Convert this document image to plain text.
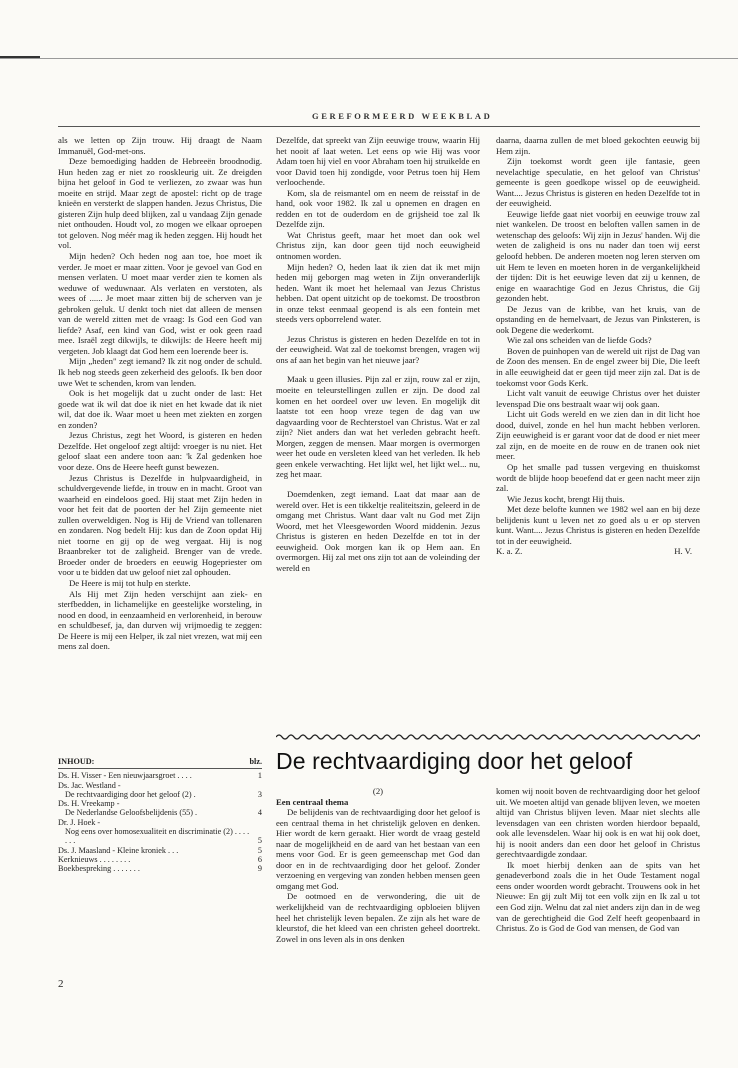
GEREFORMEERD WEEKBLAD

als we letten op Zijn trouw. Hij draagt de Naam Immanuël, God-met-ons.

Deze bemoediging hadden de Hebreeën broodnodig. Hun heden zag er niet zo rooskleurig uit. Ze dreigden bijna het geloof in God te verliezen, zo zwaar was hun moeite en strijd. Maar zegt de apostel: richt op de trage knieën en versterkt de slappen handen. Jezus Christus, Die gisteren Zijn hulp deed blijken, zal u vandaag Zijn genade niet onthouden. Houdt vol, zo mogen we elkaar oproepen tot geloven. Nog méér mag ik heden zeggen. Hij houdt het vol.

Mijn heden? Och heden nog aan toe, hoe moet ik verder. Je moet er maar zitten. Voor je gevoel van God en mensen verlaten. U moet maar verder zien te komen als weduwe of weduwnaar. Als verlaten en verstoten, als wees of ...... Je moet maar zitten bij de scherven van je gebroken geluk. U denkt toch niet dat alleen de mensen van de wereld zitten met de vraag: Is God een God van liefde? Asaf, een kind van God, wist er ook geen raad mee. Israël zegt dikwijls, te dikwijls: de Heere heeft mij vergeten. Job klaagt dat God hem een loerende beer is.

Mijn „heden" zegt iemand? Ik zit nog onder de schuld. Ik heb nog steeds geen zekerheid des geloofs. Ik ben door uwe Wet te schenden, krom van lenden.

Ook is het mogelijk dat u zucht onder de last: Het goede wat ik wil dat doe ik niet en het kwade dat ik niet wil, dat doe ik. Waar moet u heen met ziekten en zorgen en zonden?

Jezus Christus, zegt het Woord, is gisteren en heden Dezelfde. Het ongeloof zegt altijd: vroeger is nu niet. Het geloof slaat een andere toon aan: 'k Zal gedenken hoe voor deze. Ons de Heere heeft gunst bewezen.

Jezus Christus is Dezelfde in hulpvaardigheid, in schuldvergevende liefde, in trouw en in macht. Groot van waarheid en eindeloos goed. Hij staat met Zijn heden in voor het feit dat de poorten der hel Zijn gemeente niet zullen overweldigen. Nog is Hij de Vriend van tollenaren en zondaren. Nog bedelt Hij: kus dan de Zoon opdat Hij niet toorne en gij op de weg vergaat. Hij is nog Braanbreker tot de zaligheid. Brenger van de vrede. Broeder onder de broeders en eeuwig Hogepriester om voor u te bidden dat uw geloof niet zal ophouden.

De Heere is mij tot hulp en sterkte.

Als Hij met Zijn heden verschijnt aan ziek- en sterfbedden, in lichamelijke en geestelijke worsteling, in nood en dood, in eenzaamheid en verlorenheid, in berouw en schuldbesef, ja, dan durven wij vrijmoedig te zeggen: De Heere is mij een Helper, ik zal niet vrezen, wat mij een mens zal doen.

Dezelfde, dat spreekt van Zijn eeuwige trouw, waarin Hij het nooit af laat weten. Let eens op wie Hij was voor Adam toen hij viel en voor Abraham toen hij struikelde en voor David toen hij zondigde, voor Petrus toen hij Hem verloochende.

Kom, sla de reismantel om en neem de reisstaf in de hand, ook voor 1982. Ik zal u opnemen en dragen en redden en tot de ouderdom en de grijsheid toe zal Ik Dezelfde zijn.

Wat Christus geeft, maar het moet dan ook wel Christus zijn, kan door geen tijd noch eeuwigheid ontnomen worden.

Mijn heden? O, heden laat ik zien dat ik met mijn heden mij geborgen mag weten in Zijn onveranderlijk heden. Want ik moet het helemaal van Jezus Christus hebben. Dat opent uitzicht op de toekomst. De troostbron in onze tekst eenmaal geopend is als een fontein met steeds vers opborrelend water.

Jezus Christus is gisteren en heden Dezelfde en tot in der eeuwigheid. Wat zal de toekomst brengen, vragen wij ons af aan het begin van het nieuwe jaar?

Maak u geen illusies. Pijn zal er zijn, rouw zal er zijn, moeite en teleurstellingen zullen er zijn. De dood zal komen en het oordeel over uw leven. En mogelijk dit laatste tot een hoop vreze tegen de dag van uw dagvaarding voor de Rechterstoel van Christus. Wat er zal zijn? Niet anders dan wat het verleden gebracht heeft. Morgen, zeggen de mensen. Maar morgen is overmorgen weer het oude en versleten kleed van het verleden. Ik heb geen enkele verwachting. Het lijkt wel, het lijkt wel... nu, zeg het maar.

Doemdenken, zegt iemand. Laat dat maar aan de wereld over. Het is een tikkeltje realiteitszin, geleerd in de omgang met Christus. Want daar valt nu God met Zijn Woord, met het Vleesgeworden Woord middenin. Jezus Christus is gisteren en heden Dezelfde en tot in der eeuwigheid. Ook morgen kan ik op Hem aan. En overmorgen. Hij zal met ons zijn tot aan de voleinding der wereld en

daarna, daarna zullen de met bloed gekochten eeuwig bij Hem zijn.

Zijn toekomst wordt geen ijle fantasie, geen nevelachtige speculatie, en het geloof van Christus' gemeente is geen goedkope wissel op de eeuwigheid. Want.... Jezus Christus is gisteren en heden Dezelfde tot in der eeuwigheid.

Eeuwige liefde gaat niet voorbij en eeuwige trouw zal niet wankelen. De troost en beloften vallen samen in de wetenschap des geloofs: Wij zijn in Jezus' handen. Wij die weten de zaligheid is ons nu nader dan toen wij eerst geloofd hebben. De anderen moeten nog leren sterven om uit Hem te leven en moeten horen in de vergankelijkheid der tijden: Dit is het eeuwige leven dat zij u kennen, de enige en waarachtige God en Jezus Christus, die Gij gezonden hebt.

De Jezus van de kribbe, van het kruis, van de opstanding en de hemelvaart, de Jezus van Pinksteren, is ook Degene die wederkomt.

Wie zal ons scheiden van de liefde Gods?

Boven de puinhopen van de wereld uit rijst de Dag van de Zoon des mensen. En de engel zweer bij Die, Die leeft in alle eeuwigheid dat er geen tijd meer zijn zal. Dat is de toekomst voor Gods Kerk.

Licht valt vanuit de eeuwige Christus over het duister levenspad Die ons bestraalt waar wij ook gaan.

Licht uit Gods wereld en we zien dan in dit licht hoe dood, duivel, zonde en hel hun macht hebben verloren. Zijn eeuwigheid is er garant voor dat de dood er niet meer zal zijn, en de moeite en de rouw en de tranen ook niet meer.

Op het smalle pad tussen vergeving en thuiskomst wordt de blijde hoop beoefend dat er geen nacht meer zijn zal.

Wie Jezus kocht, brengt Hij thuis.

Met deze belofte kunnen we 1982 wel aan en bij deze belijdenis kunt u leven net zo goed als u er op sterven kunt. Want.... Jezus Christus is gisteren en heden Dezelfde tot in der eeuwigheid.

K. a. Z.	H. V.
De rechtvaardiging door het geloof
(2)
Een centraal thema

De belijdenis van de rechtvaardiging door het geloof is een centraal thema in het christelijk geloven en denken. Hier wordt de kern geraakt. Hier wordt de vraag gesteld naar de mogelijkheid en de aard van het bestaan van een mens voor God. Er is geen gemeenschap met God dan door en in de rechtvaardiging door het geloof. Zonder verzoening en vergeving van zonden hebben mensen geen omgang met God.

De ootmoed en de verwondering, die uit de werkelijkheid van de rechtvaardiging opbloeien blijven heel het christelijk leven bepalen. Ze zijn als het ware de kleurstof, die het kleed van een christen geheel doortrekt. Zowel in ons leven als in ons denken

komen wij nooit boven de rechtvaardiging door het geloof uit. We moeten altijd van genade blijven leven, we moeten altijd van Christus blijven leven. Maar niet slechts alle levensdagen van een christen worden hierdoor bepaald, ook alle levensdelen. Waar hij ook is en wat hij ook doet, hij is nooit anders dan een door het geloof in Christus gerechtvaardigde zondaar.

Ik moet hierbij denken aan de spits van het genadeverbond zoals die in het Oude Testament nogal eens onder woorden wordt gebracht. Trouwens ook in het Nieuwe: En gij zult Mij tot een volk zijn en Ik zal u tot een God zijn. Welnu dat zal niet anders zijn dan in de weg van de gerechtigheid die God Zelf heeft geopenbaard in Christus. Zo is God de God van mensen, de God van

INHOUD:	blz.
Ds. H. Visser - Een nieuwjaarsgroet . . . .	1
Ds. Jac. Westland -
De rechtvaardiging door het geloof (2) .	3
Ds. H. Vreekamp -
De Nederlandse Geloofsbelijdenis (55) .	4
Dr. J. Hoek -
Nog eens over homosexualiteit en discriminatie (2) . . . . . . .	5
Ds. J. Maasland - Kleine kroniek . . .	5
Kerknieuws . . . . . . . .	6
Boekbespreking . . . . . . .	9
2
